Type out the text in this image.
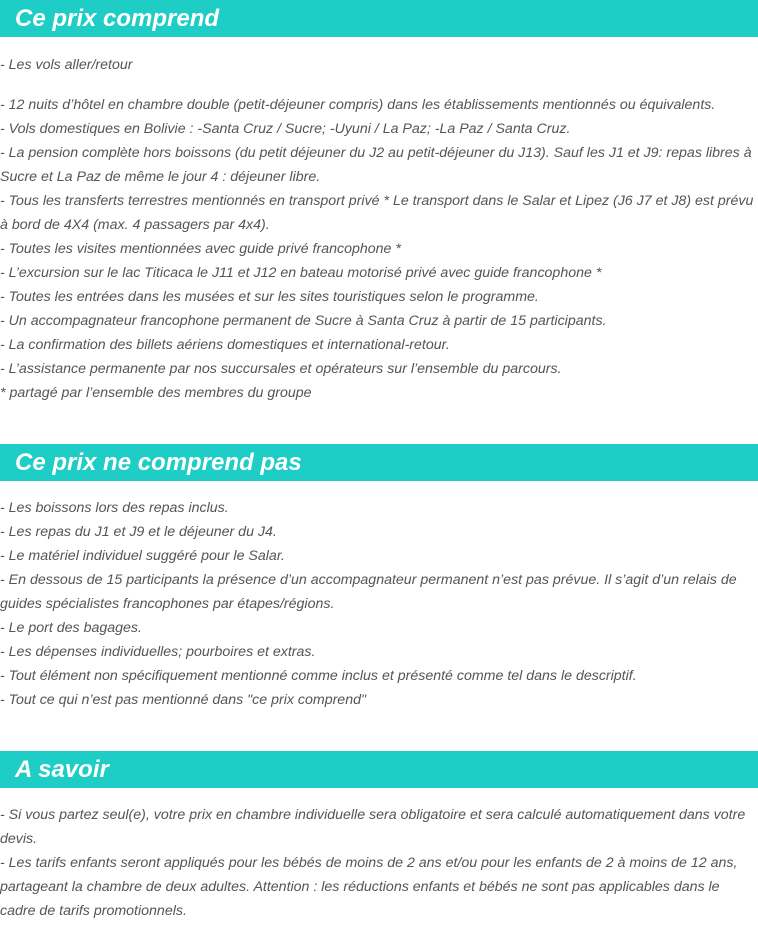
Ce prix comprend

- Les vols aller/retour

- 12 nuits d’hôtel en chambre double (petit-déjeuner compris) dans les établissements mentionnés ou équivalents.

- Vols domestiques en Bolivie : -Santa Cruz / Sucre; -Uyuni / La Paz; -La Paz / Santa Cruz.

- La pension complète hors boissons (du petit déjeuner du J2 au petit-déjeuner du J13). Sauf les J1 et J9: repas libres à Sucre et La Paz de même le jour 4 : déjeuner libre.

- Tous les transferts terrestres mentionnés en transport privé * Le transport dans le Salar et Lipez (J6 J7 et J8) est prévu à bord de 4X4 (max. 4 passagers par 4x4).

- Toutes les visites mentionnées avec guide privé francophone *

- L’excursion sur le lac Titicaca le J11 et J12 en bateau motorisé privé avec guide francophone *

- Toutes les entrées dans les musées et sur les sites touristiques selon le programme.

- Un accompagnateur francophone permanent de Sucre à Santa Cruz à partir de 15 participants.

- La confirmation des billets aériens domestiques et international-retour.

- L’assistance permanente par nos succursales et opérateurs sur l’ensemble du parcours.

* partagé par l’ensemble des membres du groupe

Ce prix ne comprend pas

- Les boissons lors des repas inclus.

- Les repas du J1 et J9 et le déjeuner du J4.

- Le matériel individuel suggéré pour le Salar.

- En dessous de 15 participants la présence d’un accompagnateur permanent n’est pas prévue. Il s’agit d’un relais de guides spécialistes francophones par étapes/régions.

- Le port des bagages.

- Les dépenses individuelles; pourboires et extras.

- Tout élément non spécifiquement mentionné comme inclus et présenté comme tel dans le descriptif.

- Tout ce qui n’est pas mentionné dans "ce prix comprend"

A savoir

- Si vous partez seul(e), votre prix en chambre individuelle sera obligatoire et sera calculé automatiquement dans votre devis.

- Les tarifs enfants seront appliqués pour les bébés de moins de 2 ans et/ou pour les enfants de 2 à moins de 12 ans, partageant la chambre de deux adultes. Attention : les réductions enfants et bébés ne sont pas applicables dans le cadre de tarifs promotionnels.
